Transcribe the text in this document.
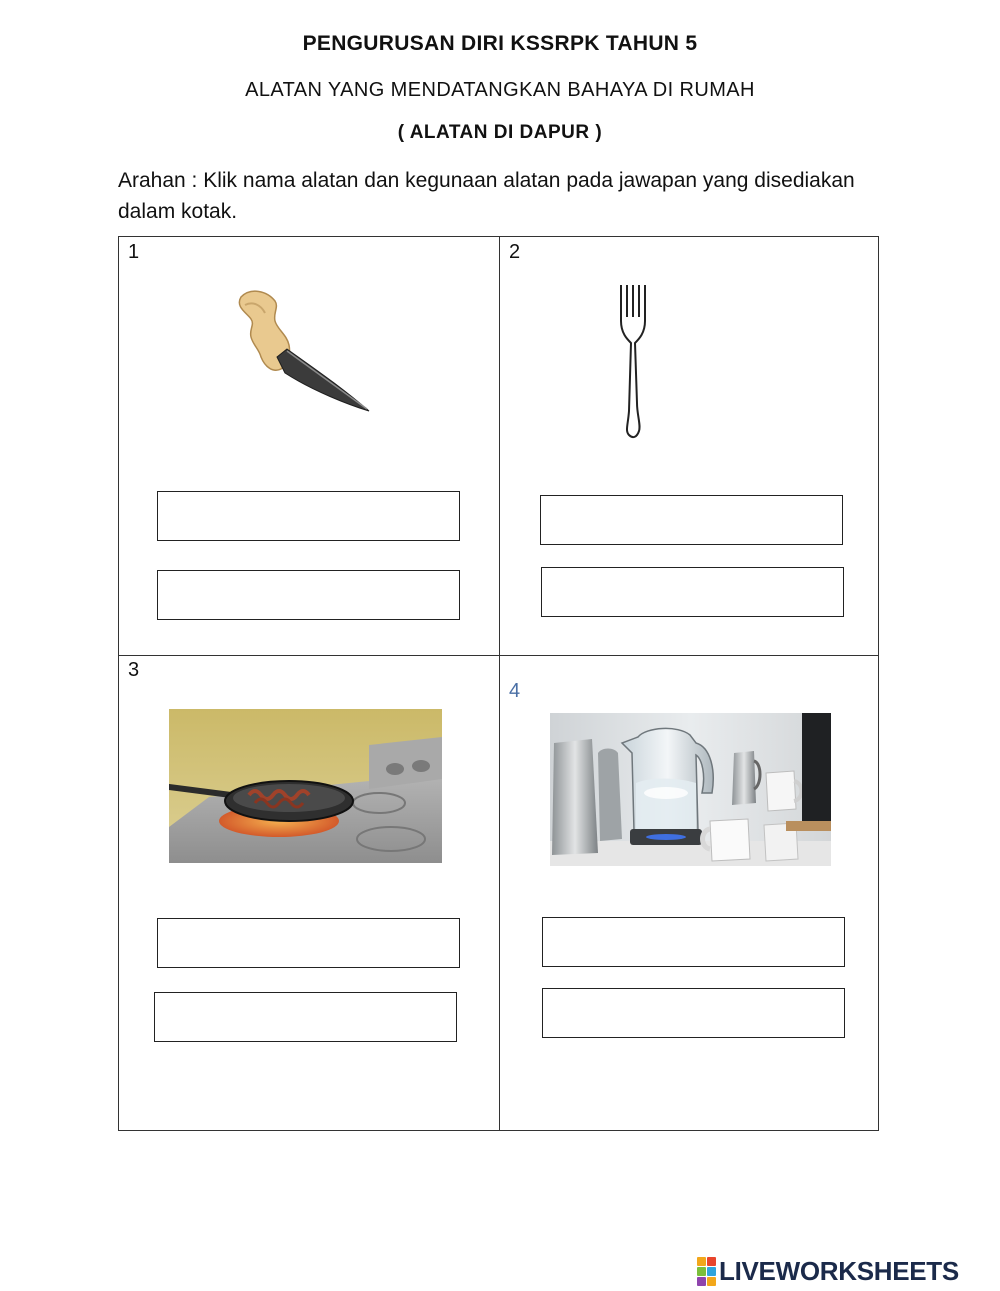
PENGURUSAN DIRI KSSRPK TAHUN 5
ALATAN YANG MENDATANGKAN BAHAYA DI RUMAH
( ALATAN DI DAPUR )
Arahan : Klik nama alatan dan kegunaan alatan pada jawapan yang disediakan dalam kotak.
1	2
3
4
LIVEWORKSHEETS
